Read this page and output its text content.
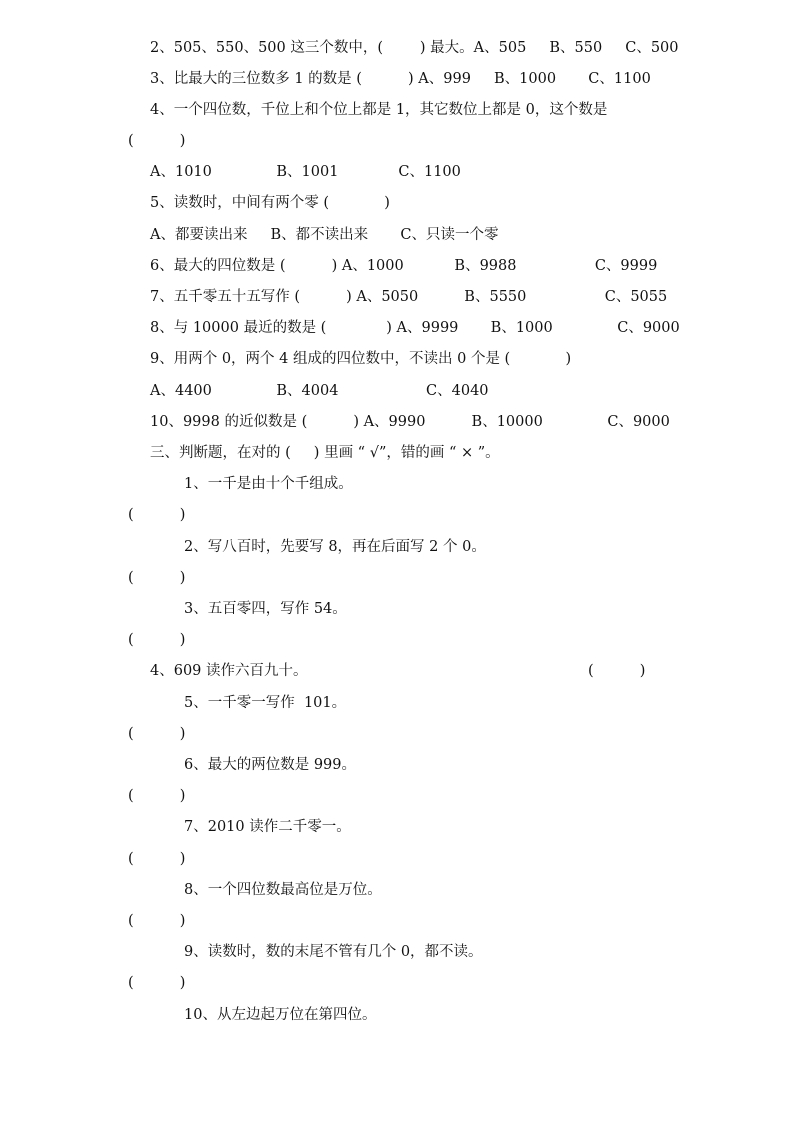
2、505、550、500 这三个数中，(        ) 最大。A、505     B、550     C、500
3、比最大的三位数多 1 的数是 (          ) A、999     B、1000       C、1100
4、一个四位数，千位上和个位上都是 1，其它数位上都是 0，这个数是
(          )
A、1010              B、1001             C、1100
5、读数时，中间有两个零 (            )
A、都要读出来     B、都不读出来       C、只读一个零
6、最大的四位数是 (          ) A、1000           B、9988                 C、9999
7、五千零五十五写作 (          ) A、5050          B、5550                 C、5055
8、与 10000 最近的数是 (             ) A、9999       B、1000              C、9000
9、用两个 0，两个 4 组成的四位数中，不读出 0 个是 (            )
A、4400              B、4004                   C、4040
10、9998 的近似数是 (          ) A、9990          B、10000              C、9000
三、判断题，在对的 (     ) 里画 “ √”，错的画 “ × ”。
1、一千是由十个千组成。
(          )
2、写八百时，先要写 8，再在后面写 2 个 0。
(          )
3、五百零四，写作 54。
(          )
4、609 读作六百九十。	(          )
5、一千零一写作  101。
(          )
6、最大的两位数是 999。
(          )
7、2010 读作二千零一。
(          )
8、一个四位数最高位是万位。
(          )
9、读数时，数的末尾不管有几个 0，都不读。
(          )
10、从左边起万位在第四位。
